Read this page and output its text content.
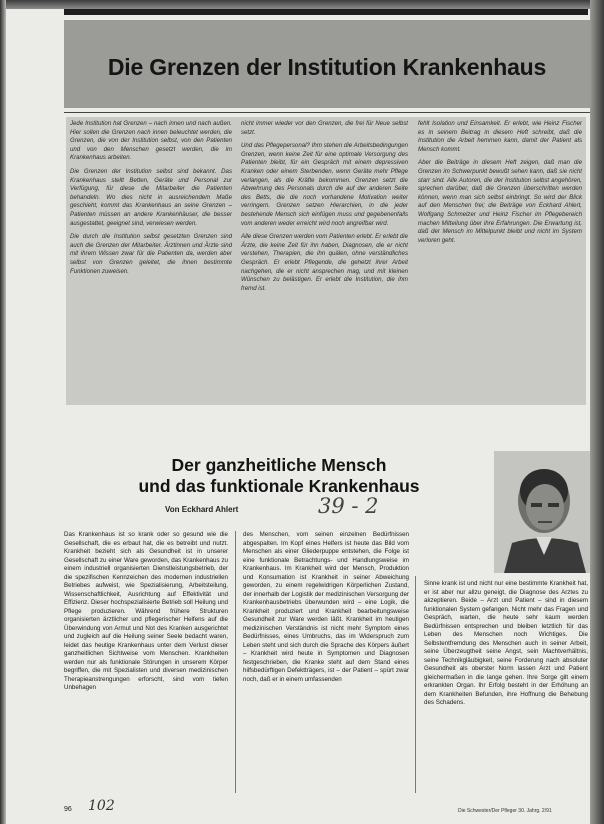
Die Grenzen der Institution Krankenhaus

Jede Institution hat Grenzen – nach innen und nach außen. Hier sollen die Grenzen nach innen beleuchtet werden, die Grenzen, die von der Institution selbst, von den Patienten und von den Menschen gesetzt werden, die im Krankenhaus arbeiten.

Die Grenzen der Institution selbst sind bekannt. Das Krankenhaus stellt Betten, Geräte und Personal zur Verfügung, für diese die Mitarbeiter die Patienten behandeln. Wo dies nicht in ausreichendem Maße geschieht, kommt das Krankenhaus an seine Grenzen – Patienten müssen an andere Krankenhäuser, die besser ausgestattet, geeignet sind, verwiesen werden.

Die durch die Institution selbst gesetzten Grenzen sind auch die Grenzen der Mitarbeiter. Ärztinnen und Ärzte sind mit ihrem Wissen zwar für die Patienten da, werden aber selbst von Grenzen geleitet, die ihnen bestimmte Funktionen zuweisen.

nicht immer wieder vor den Grenzen, die frei für Neue selbst setzt.

Und das Pflegepersonal? Ihm stehen die Arbeitsbedingungen Grenzen, wenn keine Zeit für eine optimale Versorgung des Patienten bleibt, für ein Gespräch mit einem depressiven Kranken oder einem Sterbenden, wenn Geräte mehr Pflege verlangen, als die Kräfte bekommen. Grenzen setzt die Abwehrung des Personals durch die auf der anderen Seite des Betts, die die noch vorhandene Motivation weiter verringern. Grenzen setzen Hierarchien, in die jeder bestehende Mensch sich einfügen muss und gegebenenfalls vom anderen weder erreicht wird noch angreifbar wird.

Alle diese Grenzen werden vom Patienten erlebt. Er erlebt die Ärzte, die keine Zeit für ihn haben, Diagnosen, die er nicht verstehen, Therapien, die ihn quälen, ohne verständliches Gespräch. Er erlebt Pflegende, die gehetzt ihrer Arbeit nachgehen, die er nicht ansprechen mag, und mit kleinen Wünschen zu belästigen. Er erlebt die Institution, die ihm fremd ist.

fehlt Isolation und Einsamkeit. Er erlebt, wie Heinz Fischer es in seinem Beitrag in diesem Heft schreibt, daß die Institution die Arbeit hemmen kann, damit der Patient als Mensch kommt.

Aber die Beiträge in diesem Heft zeigen, daß man die Grenzen im Schwerpunkt bewußt sehen kann, daß sie nicht starr sind. Alle Autoren, die der Institution selbst angehören, sprechen darüber, daß die Grenzen überschritten werden können, wenn man sich selbst einbringt. So wird der Blick auf den Menschen frei; die Beiträge von Eckhard Ahlert, Wolfgang Schmelzer und Heinz Fischer im Pflegebereich machen Mitteilung über ihre Erfahrungen. Die Erwartung ist, daß der Mensch im Mittelpunkt bleibt und nicht im System verloren geht.

Der ganzheitliche Mensch
und das funktionale Krankenhaus
Von Eckhard Ahlert	39 - 2

Das Krankenhaus ist so krank oder so gesund wie die Gesellschaft, die es erbaut hat, die es betreibt und nutzt. Krankheit bezieht sich als Gesundheit ist in unserer Gesellschaft zu einer Ware geworden, das Krankenhaus zu einem industriell organisierten Dienstleistungsbetrieb, der die spezifischen Kennzeichen des modernen industriellen Betriebes aufweist, wie Spezialisierung, Arbeitsteilung, Wissenschaftlichkeit, Ausrichtung auf Effektivität und Effizienz. Dieser hochspezialisierte Betrieb soll Heilung und Pflege produzieren. Während frühere Strukturen organisierten ärztlicher und pflegerischer Helfens auf die Überwindung von Armut und Not des Kranken ausgerichtet und zugleich auf die Heilung seiner Seele bedacht waren, leidet das heutige Krankenhaus unter dem Verlust dieser ganzheitlichen Sichtweise vom Menschen. Krankheiten werden nur als funktionale Störungen in unserem Körper begriffen, die mit Spezialisten und diversen medizinischen Therapieanstrengungen erforscht, sind vom tiefen Unbehagen

des Menschen, vom seinen einzelnen Bedürfnissen abgespalten. Im Kopf eines Helfers ist heute das Bild vom Menschen als einer Gliederpuppe entstehen, die Folge ist eine funktionale Betrachtungs- und Handlungsweise im Krankenhaus. Im Krankheit wird der Mensch, Produktion und Konsumation ist Krankheit in seiner Abweichung geworden, zu einem regelwidrigen Körperlichen Zustand, der innerhalb der Logistik der medizinischen Versorgung der Krankenhausbetriebs überwunden wird – eine Logik, die Krankheit produziert und Krankheit bearbeitungsweise Gesundheit zur Ware werden läßt. Krankheit im heutigen medizinischen Verständnis ist nicht mehr Symptom eines Bedürfnisses, eines Umbruchs, das im Widerspruch zum Leben steht und sich durch die Sprache des Körpers äußert – Krankheit wird heute in Symptomen und Diagnosen festgeschrieben, die Kranke steht auf dem Stand eines hilfsbedürftigen Defektträgers, ist – der Patient – spürt zwar noch, daß er in einem umfassenden

Sinne krank ist und nicht nur eine bestimmte Krankheit hat, er ist aber nur allzu geneigt, die Diagnose des Arztes zu akzeptieren. Beide – Arzt und Patient – sind in diesem funktionalen System gefangen. Nicht mehr das Fragen und Gespräch, warten, die heute sehr kaum werden Bedürfnissen entsprechen und bleiben letztlich für das Leben des Menschen noch Wichtiges. Die Selbstentfremdung des Menschen auch in seiner Arbeit, seine Überzeugtheit seine Angst, sein Machtverhältnis, seine Technikgläubigkeit, seine Forderung nach absoluter Gesundheit als oberster Norm lassen Arzt und Patient gleichermaßen in die lange gehen. Ihre Sorge gilt einem erkrankten Organ. Ihr Erfolg besteht in der Erhöhung an dem Krankheiten Befunden, ihre Hoffnung die Behebung des Schadens.

96 102	Die Schwester/Der Pfleger 30. Jahrg. 2/91
